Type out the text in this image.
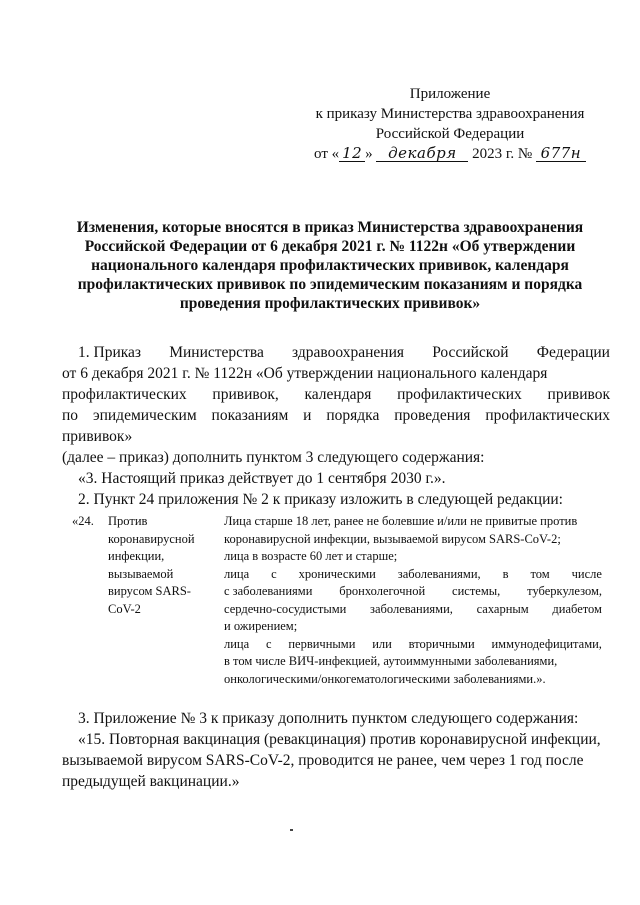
Приложение
к приказу Министерства здравоохранения
Российской Федерации
от « 12 » декабря 2023 г. № 677н
Изменения, которые вносятся в приказ Министерства здравоохранения
Российской Федерации от 6 декабря 2021 г. № 1122н «Об утверждении
национального календаря профилактических прививок, календаря
профилактических прививок по эпидемическим показаниям и порядка
проведения профилактических прививок»
1. Приказ Министерства здравоохранения Российской Федерации

от 6 декабря 2021 г. № 1122н «Об утверждении национального календаря

профилактических прививок, календаря профилактических прививок

по эпидемическим показаниям и порядка проведения профилактических прививок»

(далее – приказ) дополнить пунктом 3 следующего содержания:

«3. Настоящий приказ действует до 1 сентября 2030 г.».

2. Пункт 24 приложения № 2 к приказу изложить в следующей редакции:

«24.	Против
коронавирусной
инфекции,
вызываемой
вирусом SARS-
CoV-2
Лица старше 18 лет, ранее не болевшие и/или не привитые против
коронавирусной инфекции, вызываемой вирусом SARS-CoV-2;
лица в возрасте 60 лет и старше;
лица с хроническими заболеваниями, в том числе
с заболеваниями бронхолегочной системы, туберкулезом,
сердечно-сосудистыми заболеваниями, сахарным диабетом
и ожирением;
лица с первичными или вторичными иммунодефицитами,
в том числе ВИЧ-инфекцией, аутоиммунными заболеваниями,
онкологическими/онкогематологическими заболеваниями.».

3. Приложение № 3 к приказу дополнить пунктом следующего содержания:

«15. Повторная вакцинация (ревакцинация) против коронавирусной инфекции,

вызываемой вирусом SARS-CoV-2, проводится не ранее, чем через 1 год после

предыдущей вакцинации.»
